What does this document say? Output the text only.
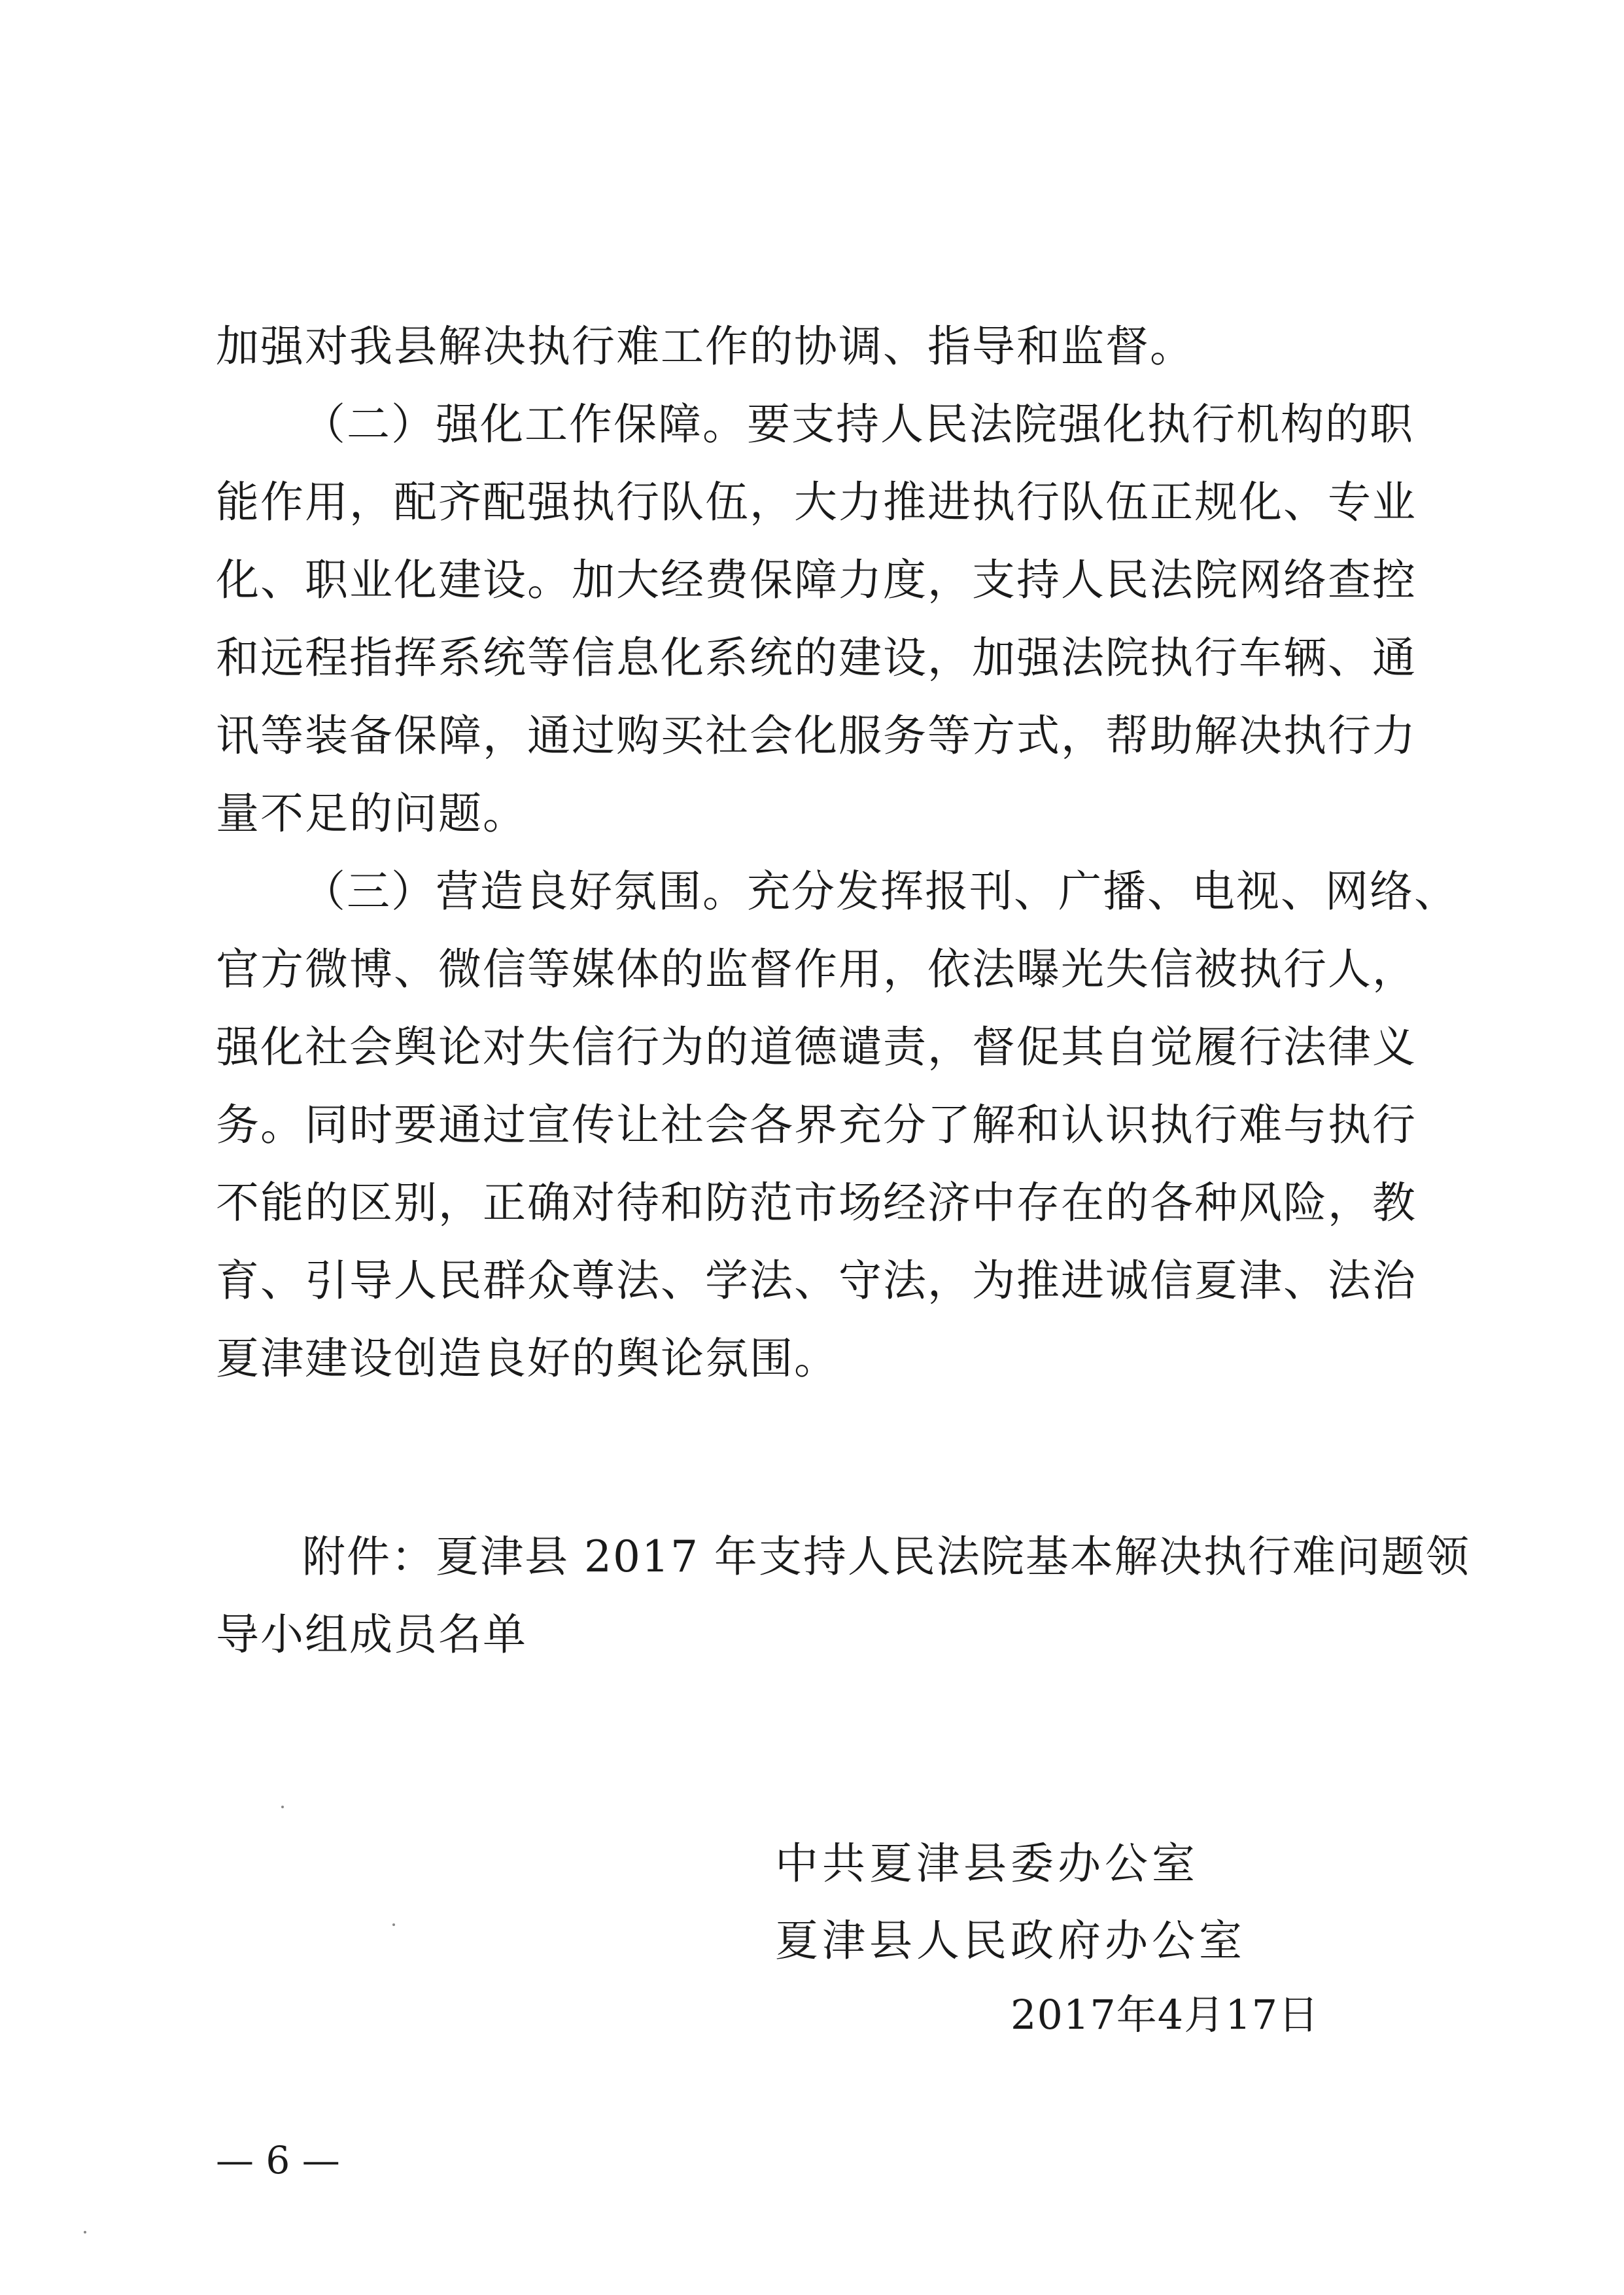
加强对我县解决执行难工作的协调、指导和监督。

（二）强化工作保障。要支持人民法院强化执行机构的职
能作用，配齐配强执行队伍，大力推进执行队伍正规化、专业
化、职业化建设。加大经费保障力度，支持人民法院网络查控
和远程指挥系统等信息化系统的建设，加强法院执行车辆、通
讯等装备保障，通过购买社会化服务等方式，帮助解决执行力
量不足的问题。

（三）营造良好氛围。充分发挥报刊、广播、电视、网络、
官方微博、微信等媒体的监督作用，依法曝光失信被执行人，
强化社会舆论对失信行为的道德谴责，督促其自觉履行法律义
务。同时要通过宣传让社会各界充分了解和认识执行难与执行
不能的区别，正确对待和防范市场经济中存在的各种风险，教
育、引导人民群众尊法、学法、守法，为推进诚信夏津、法治
夏津建设创造良好的舆论氛围。

附件：夏津县 2017 年支持人民法院基本解决执行难问题领
导小组成员名单
中共夏津县委办公室
夏津县人民政府办公室
2017年4月17日
— 6 —
